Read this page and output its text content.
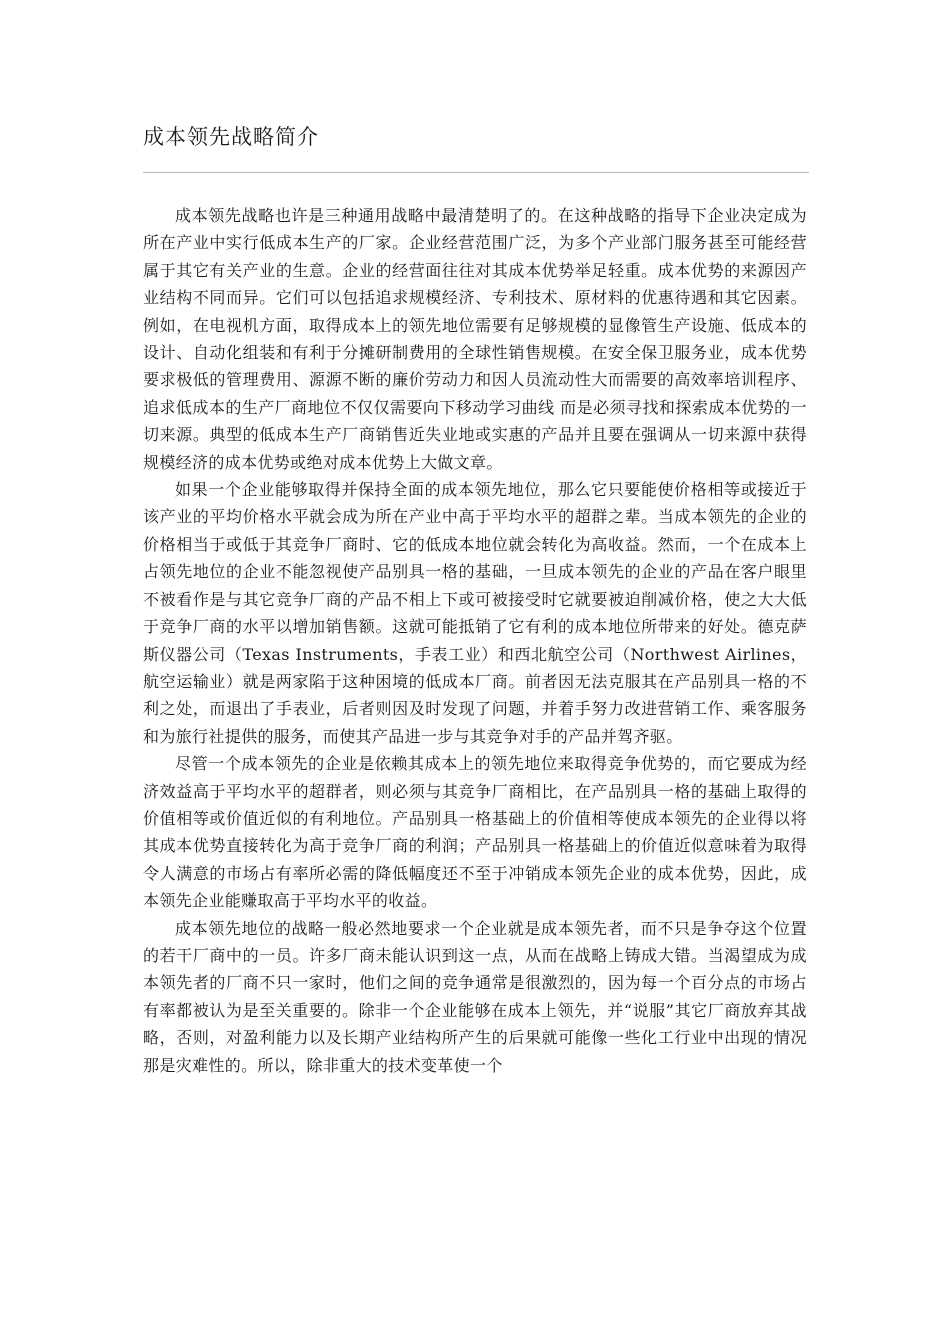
成本领先战略简介

成本领先战略也许是三种通用战略中最清楚明了的。在这种战略的指导下企业决定成为所在产业中实行低成本生产的厂家。企业经营范围广泛，为多个产业部门服务甚至可能经营属于其它有关产业的生意。企业的经营面往往对其成本优势举足轻重。成本优势的来源因产业结构不同而异。它们可以包括追求规模经济、专利技术、原材料的优惠待遇和其它因素。例如，在电视机方面，取得成本上的领先地位需要有足够规模的显像管生产设施、低成本的设计、自动化组装和有利于分摊研制费用的全球性销售规模。在安全保卫服务业，成本优势要求极低的管理费用、源源不断的廉价劳动力和因人员流动性大而需要的高效率培训程序、追求低成本的生产厂商地位不仅仅需要向下移动学习曲线 而是必须寻找和探索成本优势的一切来源。典型的低成本生产厂商销售近失业地或实惠的产品并且要在强调从一切来源中获得规模经济的成本优势或绝对成本优势上大做文章。

如果一个企业能够取得并保持全面的成本领先地位，那么它只要能使价格相等或接近于该产业的平均价格水平就会成为所在产业中高于平均水平的超群之辈。当成本领先的企业的价格相当于或低于其竞争厂商时、它的低成本地位就会转化为高收益。然而，一个在成本上占领先地位的企业不能忽视使产品别具一格的基础，一旦成本领先的企业的产品在客户眼里不被看作是与其它竞争厂商的产品不相上下或可被接受时它就要被迫削减价格，使之大大低于竞争厂商的水平以增加销售额。这就可能抵销了它有利的成本地位所带来的好处。德克萨斯仪器公司（Texas Instruments，手表工业）和西北航空公司（Northwest Airlines，航空运输业）就是两家陷于这种困境的低成本厂商。前者因无法克服其在产品别具一格的不利之处，而退出了手表业，后者则因及时发现了问题，并着手努力改进营销工作、乘客服务和为旅行社提供的服务，而使其产品进一步与其竞争对手的产品并驾齐驱。

尽管一个成本领先的企业是依赖其成本上的领先地位来取得竞争优势的，而它要成为经济效益高于平均水平的超群者，则必须与其竞争厂商相比，在产品别具一格的基础上取得的价值相等或价值近似的有利地位。产品别具一格基础上的价值相等使成本领先的企业得以将其成本优势直接转化为高于竞争厂商的利润；产品别具一格基础上的价值近似意味着为取得令人满意的市场占有率所必需的降低幅度还不至于冲销成本领先企业的成本优势，因此，成本领先企业能赚取高于平均水平的收益。

成本领先地位的战略一般必然地要求一个企业就是成本领先者，而不只是争夺这个位置的若干厂商中的一员。许多厂商未能认识到这一点，从而在战略上铸成大错。当渴望成为成本领先者的厂商不只一家时，他们之间的竞争通常是很激烈的，因为每一个百分点的市场占有率都被认为是至关重要的。除非一个企业能够在成本上领先，并“说服”其它厂商放弃其战略，否则，对盈利能力以及长期产业结构所产生的后果就可能像一些化工行业中出现的情况那是灾难性的。所以，除非重大的技术变革使一个
